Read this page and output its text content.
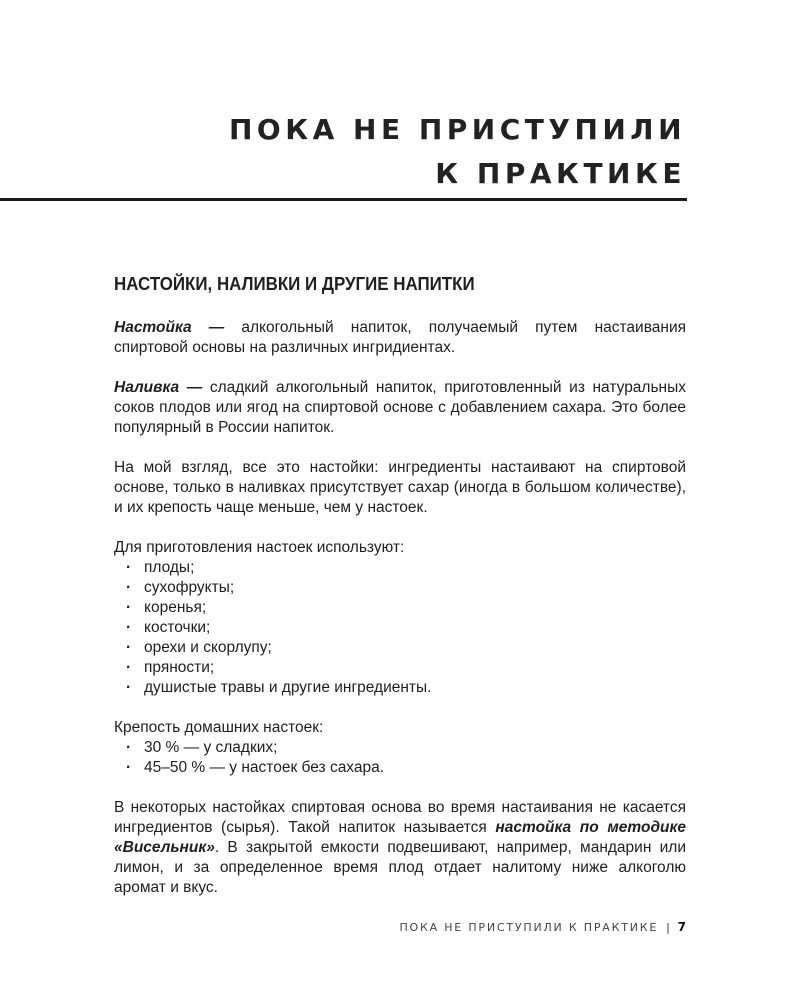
ПОКА НЕ ПРИСТУПИЛИ
К ПРАКТИКЕ
НАСТОЙКИ, НАЛИВКИ И ДРУГИЕ НАПИТКИ

Настойка — алкогольный напиток, получаемый путем настаивания спиртовой основы на различных ингридиентах.

Наливка — сладкий алкогольный напиток, приготовленный из натуральных соков плодов или ягод на спиртовой основе с добавлением сахара. Это более популярный в России напиток.

На мой взгляд, все это настойки: ингредиенты настаивают на спиртовой основе, только в наливках присутствует сахар (иногда в большом количестве), и их крепость чаще меньше, чем у настоек.

Для приготовления настоек используют:

· плоды;
· сухофрукты;
· коренья;
· косточки;
· орехи и скорлупу;
· пряности;
· душистые травы и другие ингредиенты.

Крепость домашних настоек:

· 30 % — у сладких;
· 45–50 % — у настоек без сахара.

В некоторых настойках спиртовая основа во время настаивания не касается ингредиентов (сырья). Такой напиток называется настойка по методике «Висельник». В закрытой емкости подвешивают, например, мандарин или лимон, и за определенное время плод отдает налитому ниже алкоголю аромат и вкус.

ПОКА НЕ ПРИСТУПИЛИ К ПРАКТИКЕ | 7
